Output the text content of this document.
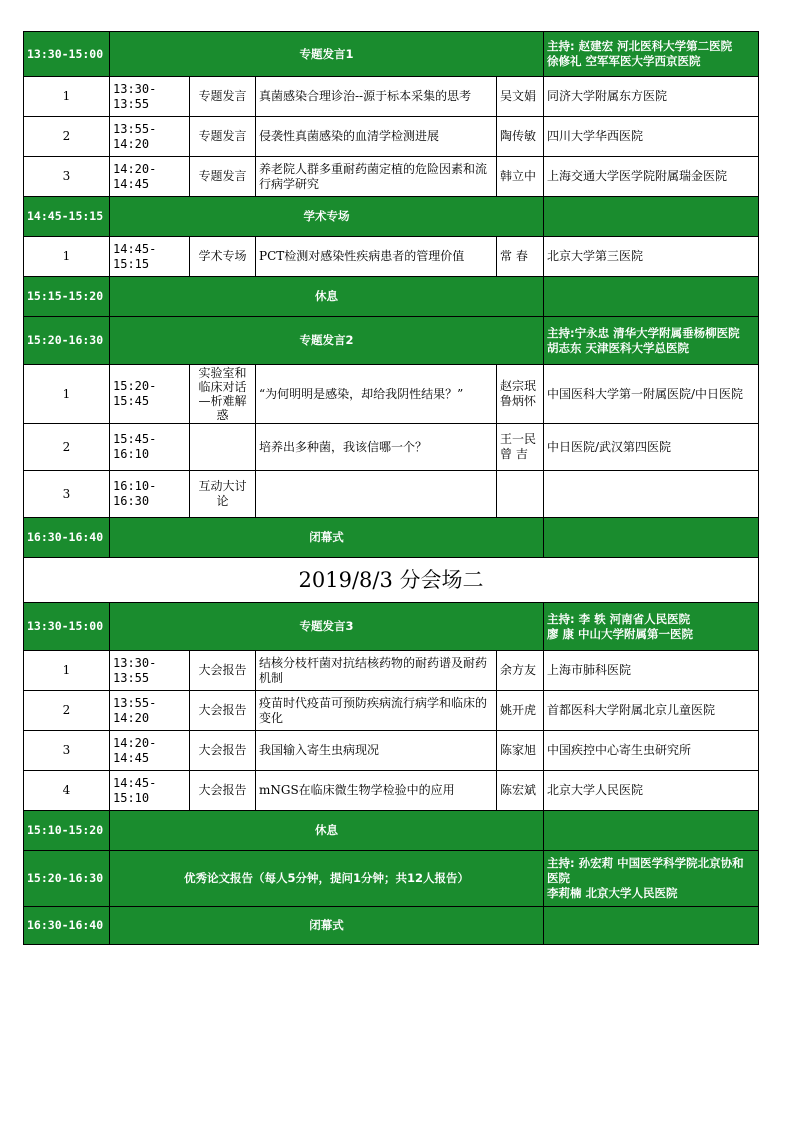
13:30-15:00	专题发言1				主持: 赵建宏 河北医科大学第二医院
徐修礼 空军军医大学西京医院

1	13:30-13:55	专题发言	真菌感染合理诊治--源于标本采集的思考	吴文娟	同济大学附属东方医院
2	13:55-14:20	专题发言	侵袭性真菌感染的血清学检测进展	陶传敏	四川大学华西医院
3	14:20-14:45	专题发言	养老院人群多重耐药菌定植的危险因素和流行病学研究	韩立中	上海交通大学医学院附属瑞金医院
14:45-15:15	学术专场				
1	14:45-15:15	学术专场	PCT检测对感染性疾病患者的管理价值	常 春	北京大学第三医院
15:15-15:20	休息				
15:20-16:30	专题发言2				主持:宁永忠 清华大学附属垂杨柳医院
胡志东 天津医科大学总医院

1	15:20-15:45	实验室和临床对话—析难解惑	“为何明明是感染，却给我阴性结果？”	赵宗珉
鲁炳怀	中国医科大学第一附属医院/中日医院
2	15:45-16:10		培养出多种菌，我该信哪一个？	王一民
曾 吉	中日医院/武汉第四医院
3	16:10-16:30	互动大讨论			
16:30-16:40	闭幕式				
2019/8/3 分会场二					
13:30-15:00	专题发言3				主持: 李 轶 河南省人民医院
廖 康 中山大学附属第一医院

1	13:30-13:55	大会报告	结核分枝杆菌对抗结核药物的耐药谱及耐药机制	余方友	上海市肺科医院
2	13:55-14:20	大会报告	疫苗时代疫苗可预防疾病流行病学和临床的变化	姚开虎	首都医科大学附属北京儿童医院
3	14:20-14:45	大会报告	我国输入寄生虫病现况	陈家旭	中国疾控中心寄生虫研究所
4	14:45-15:10	大会报告	mNGS在临床微生物学检验中的应用	陈宏斌	北京大学人民医院
15:10-15:20	休息				
15:20-16:30	优秀论文报告（每人5分钟，提问1分钟；共12人报告）				主持: 孙宏莉 中国医学科学院北京协和医院
李莉楠 北京大学人民医院

16:30-16:40	闭幕式				
